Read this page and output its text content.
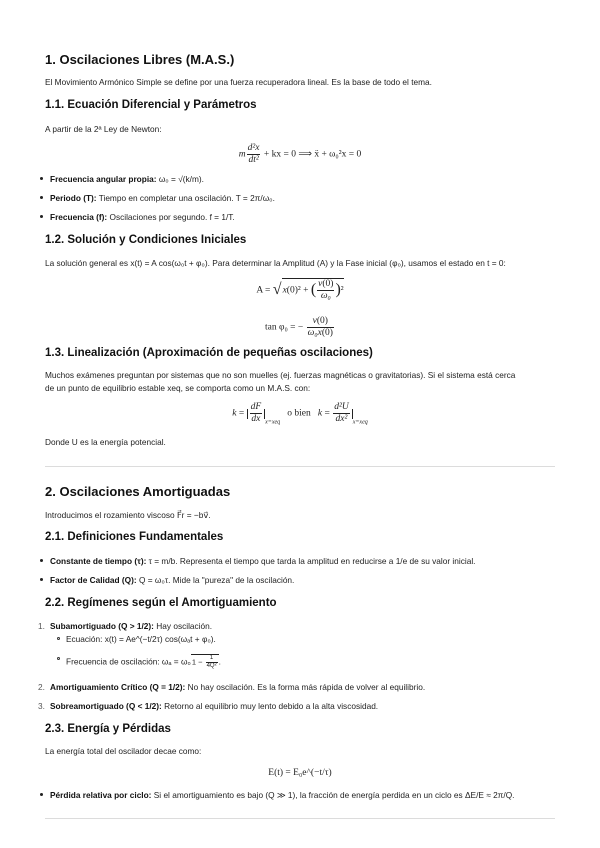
1. Oscilaciones Libres (M.A.S.)
El Movimiento Armónico Simple se define por una fuerza recuperadora lineal. Es la base de todo el tema.
1.1. Ecuación Diferencial y Parámetros
A partir de la 2ª Ley de Newton:
m $\frac{\text{d²x}}{\text{dt²}}$ + kx = 0 ⟹ ẍ + ω₀²x = 0
Frecuencia angular propia: ω₀ = √(k/m).
Periodo (T): Tiempo en completar una oscilación. T = 2π/ω₀.
Frecuencia (f): Oscilaciones por segundo. f = 1/T.
1.2. Solución y Condiciones Iniciales
La solución general es x(t) = A cos(ω₀t + φ₀). Para determinar la Amplitud (A) y la Fase inicial (φ₀), usamos el estado en t = 0:
A = √x(0)² + ( $\frac{v(0)}{\text{ω₀}} )^2$
tan φ₀ = − $\frac{v(0)}{\text{ω₀x(0)}}$
1.3. Linealización (Aproximación de pequeñas oscilaciones)
Muchos exámenes preguntan por sistemas que no son muelles (ej. fuerzas magnéticas o gravitatorias). Si el sistema está cerca
de un punto de equilibrio estable xeq, se comporta como un M.A.S. con:
$k = \frac{dF}{dx} _{x=xeq}$   o bien $k = \frac{\text{d²U}}{\text{dx²}} _{x=xeq}$
Donde U es la energía potencial.
2. Oscilaciones Amortiguadas
Introducimos el rozamiento viscoso F⃗r = −bv⃗.
2.1. Definiciones Fundamentales
Constante de tiempo (τ): τ = m/b. Representa el tiempo que tarda la amplitud en reducirse a 1/e de su valor inicial.
Factor de Calidad (Q): Q = ω₀τ. Mide la "pureza" de la oscilación.
2.2. Regímenes según el Amortiguamiento
1. Subamortiguado (Q > 1/2): Hay oscilación.
Ecuación: x(t) = Ae^(−t/2τ) cos(ωₐt + φ₀).
Frecuencia de oscilación: $\omega_a = \omega_01 - \frac{1}{\text{4Q²}}$ .
2. Amortiguamiento Crítico (Q = 1/2): No hay oscilación. Es la forma más rápida de volver al equilibrio.
3. Sobreamortiguado (Q < 1/2): Retorno al equilibrio muy lento debido a la alta viscosidad.
2.3. Energía y Pérdidas
La energía total del oscilador decae como:
E(t) = E₀e^(−t/τ)
Pérdida relativa por ciclo: Si el amortiguamiento es bajo (Q ≫ 1), la fracción de energía perdida en un ciclo es ΔE/E ≈ 2π/Q.
